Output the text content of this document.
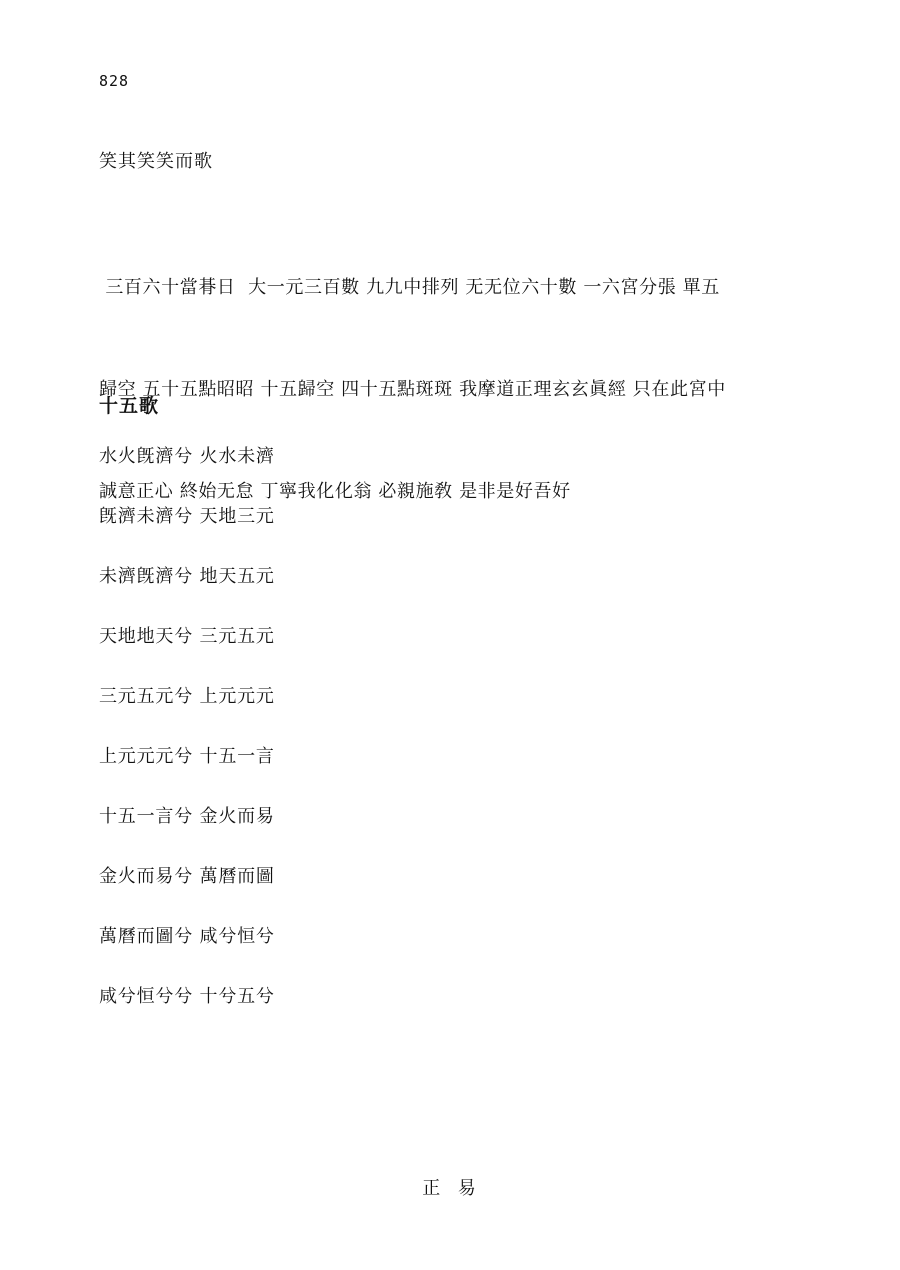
828
笑其笑笑而歌

三百六十當朞日  大一元三百數 九九中排列 无无位六十數 一六宮分張 單五

歸空 五十五點昭昭 十五歸空 四十五點斑斑 我摩道正理玄玄眞經 只在此宮中

誠意正心 終始无怠 丁寧我化化翁 必親施敎 是非是好吾好

十五歌
水火旣濟兮 火水未濟
旣濟未濟兮 天地三元
未濟旣濟兮 地天五元
天地地天兮 三元五元
三元五元兮 上元元元
上元元元兮 十五一言
十五一言兮 金火而易
金火而易兮 萬曆而圖
萬曆而圖兮 咸兮恒兮
咸兮恒兮兮 十兮五兮
正  易
